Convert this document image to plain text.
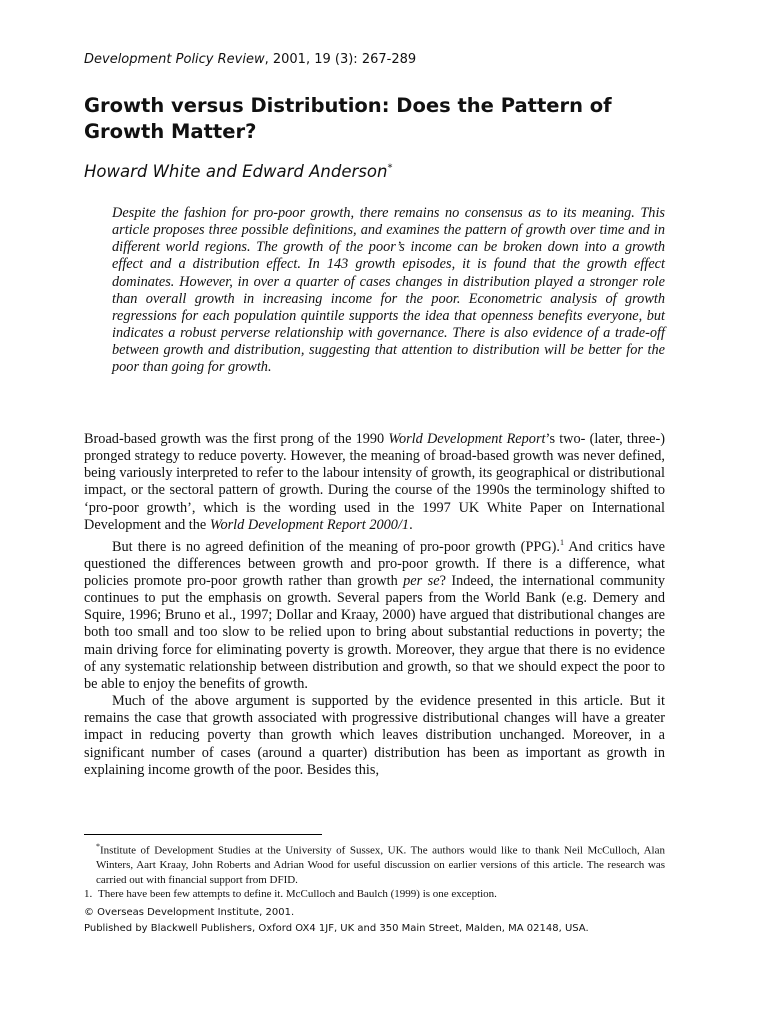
Development Policy Review, 2001, 19 (3): 267-289
Growth versus Distribution: Does the Pattern of Growth Matter?
Howard White and Edward Anderson*

Despite the fashion for pro-poor growth, there remains no consensus as to its meaning. This article proposes three possible definitions, and examines the pattern of growth over time and in different world regions. The growth of the poor’s income can be broken down into a growth effect and a distribution effect. In 143 growth episodes, it is found that the growth effect dominates. However, in over a quarter of cases changes in distribution played a stronger role than overall growth in increasing income for the poor. Econometric analysis of growth regressions for each population quintile supports the idea that openness benefits everyone, but indicates a robust perverse relationship with governance. There is also evidence of a trade-off between growth and distribution, suggesting that attention to distribution will be better for the poor than going for growth.

Broad-based growth was the first prong of the 1990 World Development Report’s two- (later, three-) pronged strategy to reduce poverty. However, the meaning of broad-based growth was never defined, being variously interpreted to refer to the labour intensity of growth, its geographical or distributional impact, or the sectoral pattern of growth. During the course of the 1990s the terminology shifted to ‘pro-poor growth’, which is the wording used in the 1997 UK White Paper on International Development and the World Development Report 2000/1.

But there is no agreed definition of the meaning of pro-poor growth (PPG).$^1$ And critics have questioned the differences between growth and pro-poor growth. If there is a difference, what policies promote pro-poor growth rather than growth per se? Indeed, the international community continues to put the emphasis on growth. Several papers from the World Bank (e.g. Demery and Squire, 1996; Bruno et al., 1997; Dollar and Kraay, 2000) have argued that distributional changes are both too small and too slow to be relied upon to bring about substantial reductions in poverty; the main driving force for eliminating poverty is growth. Moreover, they argue that there is no evidence of any systematic relationship between distribution and growth, so that we should expect the poor to be able to enjoy the benefits of growth.

Much of the above argument is supported by the evidence presented in this article. But it remains the case that growth associated with progressive distributional changes will have a greater impact in reducing poverty than growth which leaves distribution unchanged. Moreover, in a significant number of cases (around a quarter) distribution has been as important as growth in explaining income growth of the poor. Besides this,

*Institute of Development Studies at the University of Sussex, UK. The authors would like to thank Neil McCulloch, Alan Winters, Aart Kraay, John Roberts and Adrian Wood for useful discussion on earlier versions of this article. The research was carried out with financial support from DFID.

1. There have been few attempts to define it. McCulloch and Baulch (1999) is one exception.

© Overseas Development Institute, 2001.
Published by Blackwell Publishers, Oxford OX4 1JF, UK and 350 Main Street, Malden, MA 02148, USA.
